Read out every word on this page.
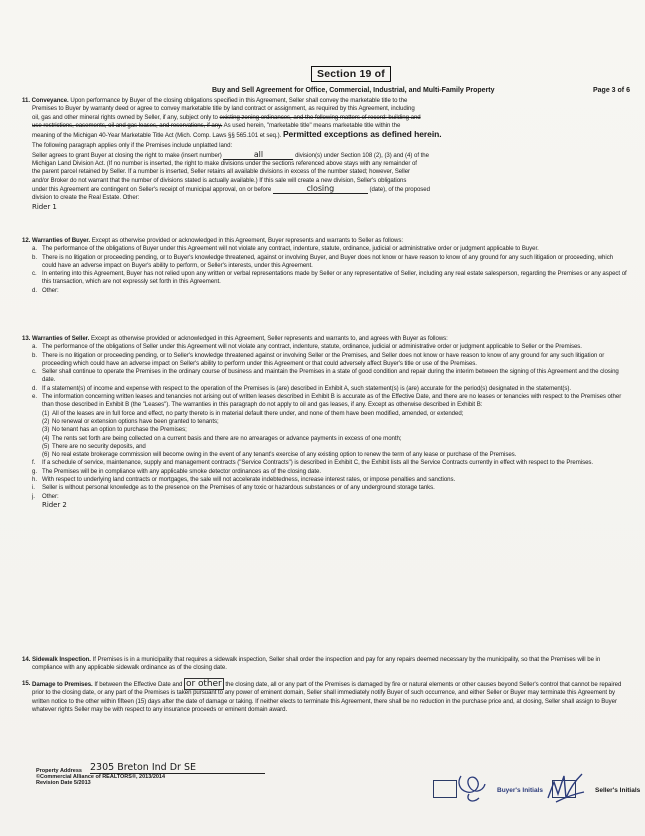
Section 19 of
Buy and Sell Agreement for Office, Commercial, Industrial, and Multi-Family Property	Page 3 of 6
11. Conveyance. Upon performance by Buyer of the closing obligations specified in this Agreement, Seller shall convey the marketable title to the
Premises to Buyer by warranty deed or agree to convey marketable title by land contract or assignment, as required by this Agreement, including
oil, gas and other mineral rights owned by Seller, if any, subject only to existing zoning ordinances, and the following matters of record: building and
use restrictions, easements, oil and gas leases, and reservations, if any. As used herein, "marketable title" means marketable title within the
meaning of the Michigan 40-Year Marketable Title Act (Mich. Comp. Laws §§ 565.101 et seq.). Permitted exceptions as defined herein.
The following paragraph applies only if the Premises include unplatted land:
Seller agrees to grant Buyer at closing the right to make (insert number)	all	division(s) under Section 108 (2), (3) and (4) of the
Michigan Land Division Act. (If no number is inserted, the right to make divisions under the sections referenced above stays with any remainder of
the parent parcel retained by Seller. If a number is inserted, Seller retains all available divisions in excess of the number stated; however, Seller
and/or Broker do not warrant that the number of divisions stated is actually available.) If this sale will create a new division, Seller's obligations
under this Agreement are contingent on Seller's receipt of municipal approval, on or before	closing	(date), of the proposed
division to create the Real Estate. Other:
Rider 1
12. Warranties of Buyer. Except as otherwise provided or acknowledged in this Agreement, Buyer represents and warrants to Seller as follows:
a. The performance of the obligations of Buyer under this Agreement will not violate any contract, indenture, statute, ordinance, judicial or administrative order or judgment applicable to Buyer.
b. There is no litigation or proceeding pending, or to Buyer's knowledge threatened, against or involving Buyer, and Buyer does not know or have reason to know of any ground for any such litigation or proceeding, which could have an adverse impact on Buyer's ability to perform, or Seller's interests, under this Agreement.
c. In entering into this Agreement, Buyer has not relied upon any written or verbal representations made by Seller or any representative of Seller, including any real estate salesperson, regarding the Premises or any aspect of this transaction, which are not expressly set forth in this Agreement.
d. Other:
13. Warranties of Seller. Except as otherwise provided or acknowledged in this Agreement, Seller represents and warrants to, and agrees with Buyer as follows:
a. The performance of the obligations of Seller under this Agreement will not violate any contract, indenture, statute, ordinance, judicial or administrative order or judgment applicable to Seller or the Premises.
b. There is no litigation or proceeding pending, or to Seller's knowledge threatened against or involving Seller or the Premises, and Seller does not know or have reason to know of any ground for any such litigation or proceeding which could have an adverse impact on Seller's ability to perform under this Agreement or that could adversely affect Buyer's title or use of the Premises.
c. Seller shall continue to operate the Premises in the ordinary course of business and maintain the Premises in a state of good condition and repair during the interim between the signing of this Agreement and the closing date.
d. If a statement(s) of income and expense with respect to the operation of the Premises is (are) described in Exhibit A, such statement(s) is (are) accurate for the period(s) designated in the statement(s).
e. The information concerning written leases and tenancies not arising out of written leases described in Exhibit B is accurate as of the Effective Date, and there are no leases or tenancies with respect to the Premises other than those described in Exhibit B (the "Leases"). The warranties in this paragraph do not apply to oil and gas leases, if any. Except as otherwise described in Exhibit B:
(1) All of the leases are in full force and effect, no party thereto is in material default there under, and none of them have been modified, amended, or extended;
(2) No renewal or extension options have been granted to tenants;
(3) No tenant has an option to purchase the Premises;
(4) The rents set forth are being collected on a current basis and there are no arrearages or advance payments in excess of one month;
(5) There are no security deposits, and
(6) No real estate brokerage commission will become owing in the event of any tenant's exercise of any existing option to renew the term of any lease or purchase of the Premises.
f.	If a schedule of service, maintenance, supply and management contracts ("Service Contracts") is described in Exhibit C, the Exhibit lists all the Service Contracts currently in effect with respect to the Premises.
g. The Premises will be in compliance with any applicable smoke detector ordinances as of the closing date.
h. With respect to underlying land contracts or mortgages, the sale will not accelerate indebtedness, increase interest rates, or impose penalties and sanctions.
i.	Seller is without personal knowledge as to the presence on the Premises of any toxic or hazardous substances or of any underground storage tanks.
j.	Other:
Rider 2
14. Sidewalk Inspection. If Premises is in a municipality that requires a sidewalk inspection, Seller shall order the inspection and pay for any repairs deemed necessary by the municipality, so that the Premises will be in compliance with any applicable sidewalk ordinance as of the closing date.
15. Damage to Premises. If between the Effective Date and or other the closing date, all or any part of the Premises is damaged by fire or natural elements or other causes beyond Seller's control that cannot be repaired prior to the closing date, or any part of the Premises is taken pursuant to any power of eminent domain, Seller shall immediately notify Buyer of such occurrence, and either Seller or Buyer may terminate this Agreement by written notice to the other within fifteen (15) days after the date of damage or taking. If neither elects to terminate this Agreement, there shall be no reduction in the purchase price and, at closing, Seller shall assign to Buyer whatever rights Seller may be with respect to any insurance proceeds or eminent domain award.
Property Address 2305 Breton Ind Dr SE
©Commercial Alliance of REALTORS®, 2013/2014
Revision Date 5/2013
Buyer's Initials	Seller's Initials
